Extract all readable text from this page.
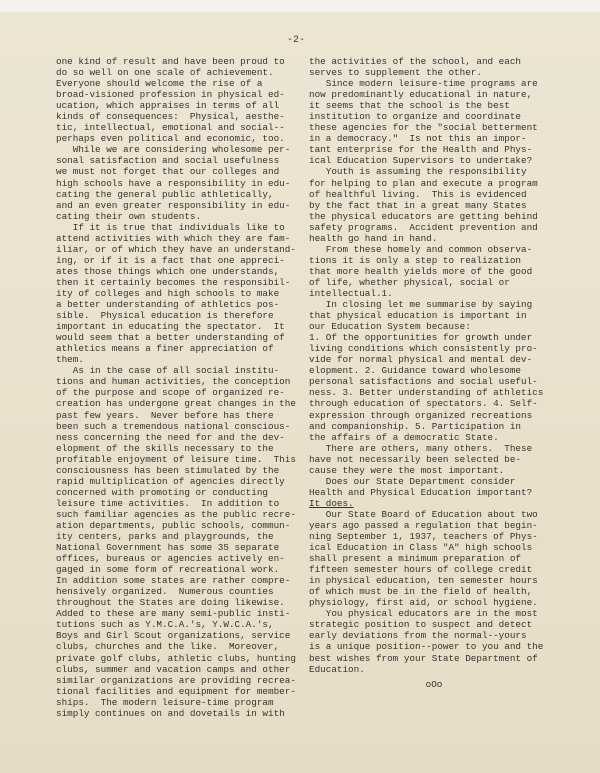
-2-
one kind of result and have been proud to
do so well on one scale of achievement.
Everyone should welcome the rise of a
broad-visioned profession in physical ed-
ucation, which appraises in terms of all
kinds of consequences:  Physical, aesthe-
tic, intellectual, emotional and social--
perhaps even political and economic, too.
While we are considering wholesome per-
sonal satisfaction and social usefulness
we must not forget that our colleges and
high schools have a responsibility in edu-
cating the general public athletically,
and an even greater responsibility in edu-
cating their own students.
If it is true that individuals like to
attend activities with which they are fam-
iliar, or of which they have an understand-
ing, or if it is a fact that one appreci-
ates those things which one understands,
then it certainly becomes the responsibil-
ity of colleges and high schools to make
a better understanding of athletics pos-
sible.  Physical education is therefore
important in educating the spectator.  It
would seem that a better understanding of
athletics means a finer appreciation of
them.
As in the case of all social institu-
tions and human activities, the conception
of the purpose and scope of organized re-
creation has undergone great changes in the
past few years.  Never before has there
been such a tremendous national conscious-
ness concerning the need for and the dev-
elopment of the skills necessary to the
profitable enjoyment of leisure time.  This
consciousness has been stimulated by the
rapid multiplication of agencies directly
concerned with promoting or conducting
leisure time activities.  In addition to
such familiar agencies as the public recre-
ation departments, public schools, commun-
ity centers, parks and playgrounds, the
National Government has some 35 separate
offices, bureaus or agencies actively en-
gaged in some form of recreational work.
In addition some states are rather compre-
hensively organized.  Numerous counties
throughout the States are doing likewise.
Added to these are many semi-public insti-
tutions such as Y.M.C.A.'s, Y.W.C.A.'s,
Boys and Girl Scout organizations, service
clubs, churches and the like.  Moreover,
private golf clubs, athletic clubs, hunting
clubs, summer and vacation camps and other
similar organizations are providing recrea-
tional facilities and equipment for member-
ships.  The modern leisure-time program
simply continues on and dovetails in with
the activities of the school, and each
serves to supplement the other.
Since modern leisure-time programs are
now predominantly educational in nature,
it seems that the school is the best
institution to organize and coordinate
these agencies for the "social betterment
in a democracy."  Is not this an impor-
tant enterprise for the Health and Phys-
ical Education Supervisors to undertake?
Youth is assuming the responsibility
for helping to plan and execute a program
of healthful living.  This is evidenced
by the fact that in a great many States
the physical educators are getting behind
safety programs.  Accident prevention and
health go hand in hand.
From these homely and common observa-
tions it is only a step to realization
that more health yields more of the good
of life, whether physical, social or
intellectual.1.
In closing let me summarise by saying
that physical education is important in
our Education System because:
1. Of the opportunities for growth under
living conditions which consistently pro-
vide for normal physical and mental dev-
elopment. 2. Guidance toward wholesome
personal satisfactions and social useful-
ness. 3. Better understanding of athletics
through education of spectators. 4. Self-
expression through organized recreations
and companionship. 5. Participation in
the affairs of a democratic State.
There are others, many others.  These
have not necessarily been selected be-
cause they were the most important.
Does our State Department consider
Health and Physical Education important?
It does.
Our State Board of Education about two
years ago passed a regulation that begin-
ning September 1, 1937, teachers of Phys-
ical Education in Class "A" high schools
shall present a minimum preparation of
fifteen semester hours of college credit
in physical education, ten semester hours
of which must be in the field of health,
physiology, first aid, or school hygiene.
You physical educators are in the most
strategic position to suspect and detect
early deviations from the normal--yours
is a unique position--power to you and the
best wishes from your State Department of
Education.
oOo
